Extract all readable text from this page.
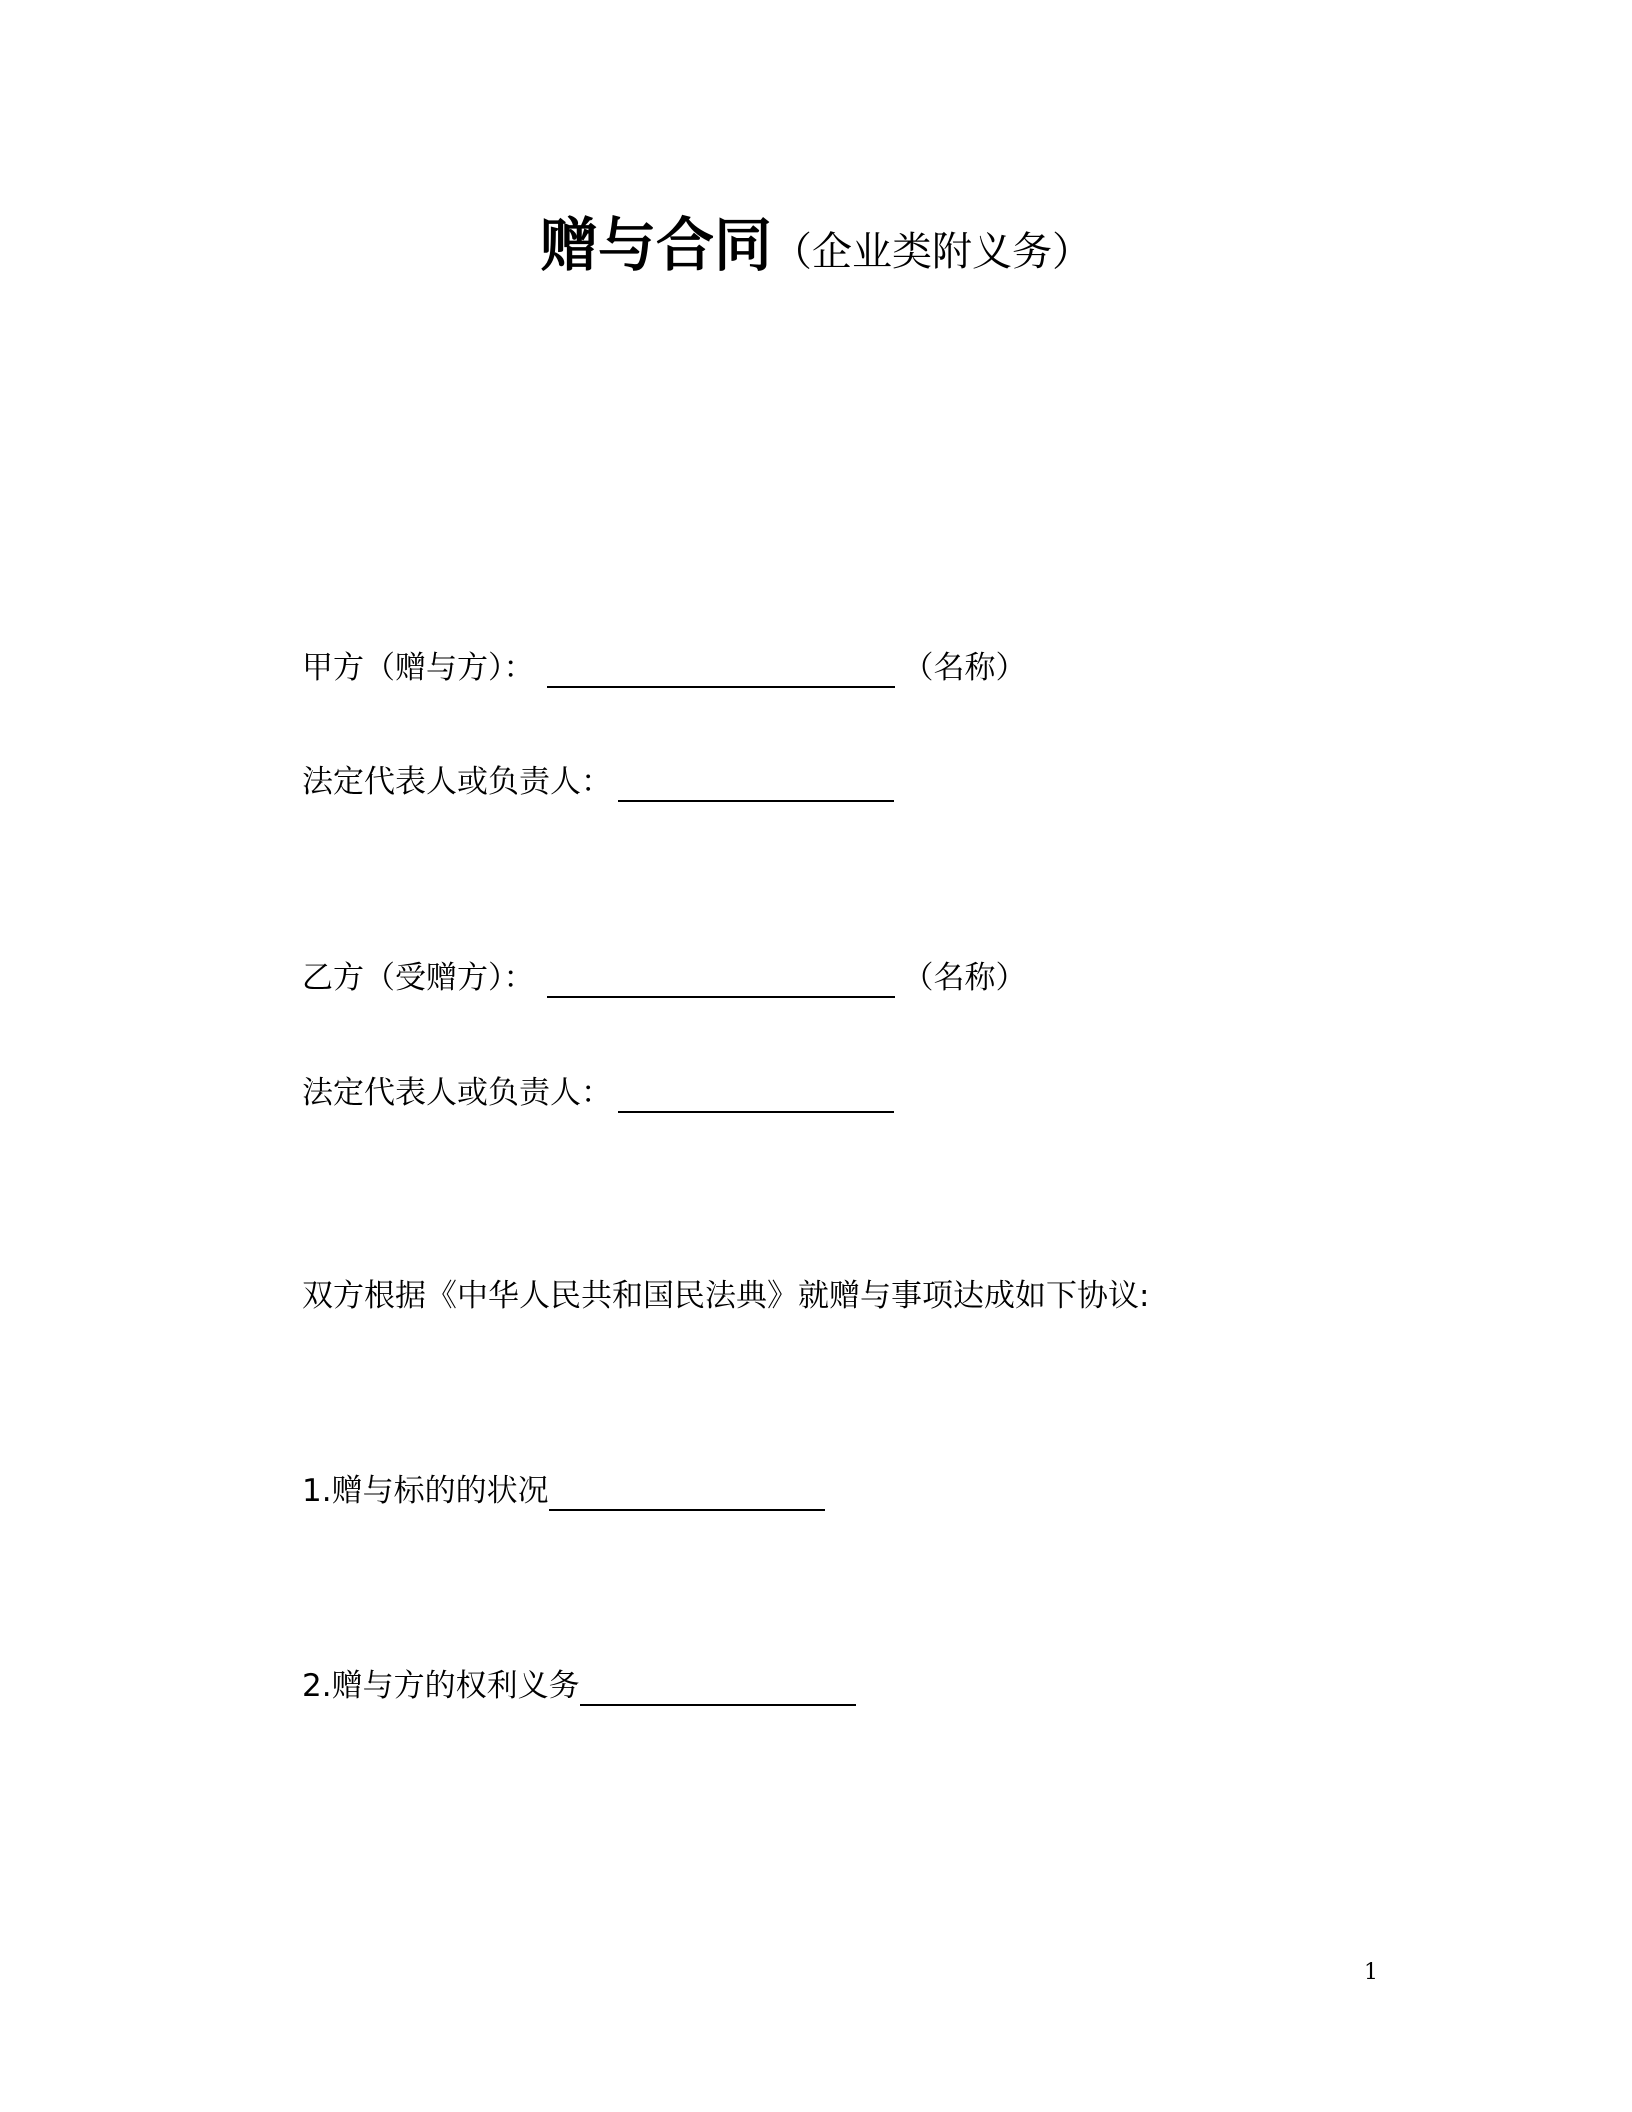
赠与合同（企业类附义务）
甲方（赠与方）：	（名称）
法定代表人或负责人：
乙方（受赠方）：	（名称）
法定代表人或负责人：
双方根据《中华人民共和国民法典》就赠与事项达成如下协议:
1.赠与标的的状况
2.赠与方的权利义务
1
